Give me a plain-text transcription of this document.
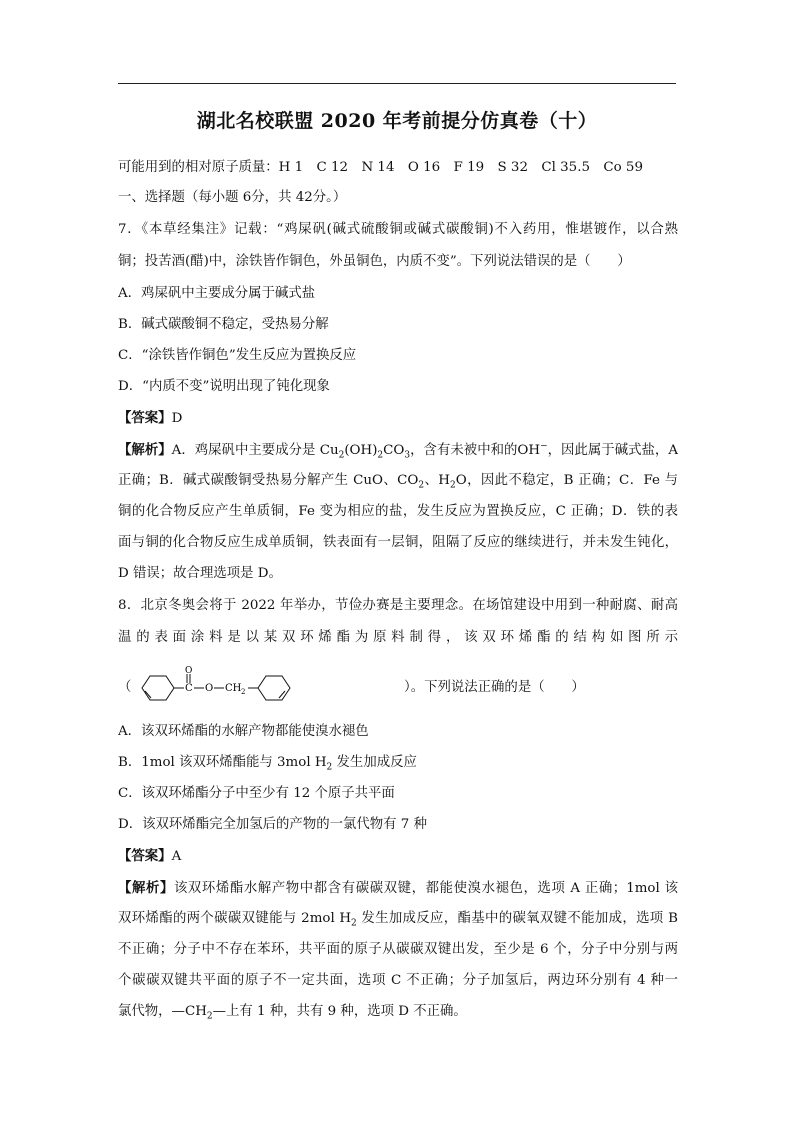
湖北名校联盟 2020 年考前提分仿真卷（十）
可能用到的相对原子质量：H 1　C 12　N 14　O 16　F 19　S 32　Cl 35.5　Co 59
一、选择题（每小题 6分，共 42分。）
7．《本草经集注》记载：“鸡屎矾(碱式硫酸铜或碱式碳酸铜)不入药用，惟堪镀作，以合熟
铜；投苦酒(醋)中，涂铁皆作铜色，外虽铜色，内质不变”。下列说法错误的是（　　）
A．鸡屎矾中主要成分属于碱式盐
B．碱式碳酸铜不稳定，受热易分解
C．“涂铁皆作铜色”发生反应为置换反应
D．“内质不变”说明出现了钝化现象
【答案】D
【解析】A．鸡屎矾中主要成分是 $Cu_2(OH)_2CO_3$，含有未被中和的OH−，因此属于碱式盐，A
正确；B．碱式碳酸铜受热易分解产生 CuO、$CO_2$、$H_2O$，因此不稳定，B 正确；C．Fe 与
铜的化合物反应产生单质铜，Fe 变为相应的盐，发生反应为置换反应，C 正确；D．铁的表
面与铜的化合物反应生成单质铜，铁表面有一层铜，阻隔了反应的继续进行，并未发生钝化，
D 错误；故合理选项是 D。
8．北京冬奥会将于 2022 年举办，节俭办赛是主要理念。在场馆建设中用到一种耐腐、耐高
温的表面涂料是以某双环烯酯为原料制得，该双环烯酯的结构如图所示
（
O
C O CH 2	）。下列说法正确的是（　　）
A．该双环烯酯的水解产物都能使溴水褪色
B．1mol 该双环烯酯能与 3mol $H_2$ 发生加成反应
C．该双环烯酯分子中至少有 12 个原子共平面
D．该双环烯酯完全加氢后的产物的一氯代物有 7 种
【答案】A
【解析】该双环烯酯水解产物中都含有碳碳双键，都能使溴水褪色，选项 A 正确；1mol 该
双环烯酯的两个碳碳双键能与 2mol $H_2$ 发生加成反应，酯基中的碳氧双键不能加成，选项 B
不正确；分子中不存在苯环，共平面的原子从碳碳双键出发，至少是 6 个，分子中分别与两
个碳碳双键共平面的原子不一定共面，选项 C 不正确；分子加氢后，两边环分别有 4 种一
氯代物，$—CH_2—$上有 1 种，共有 9 种，选项 D 不正确。
